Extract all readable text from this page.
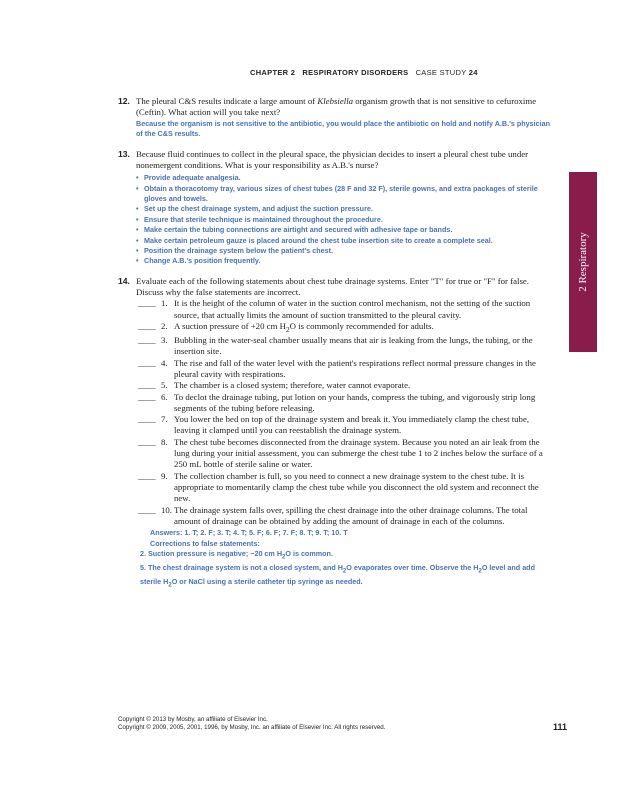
CHAPTER 2 RESPIRATORY DISORDERS CASE STUDY 24
2 Respiratory
12. The pleural C&S results indicate a large amount of Klebsiella organism growth that is not sensitive to cefuroxime (Ceftin). What action will you take next?
Because the organism is not sensitive to the antibiotic, you would place the antibiotic on hold and notify A.B.'s physician of the C&S results.
13. Because fluid continues to collect in the pleural space, the physician decides to insert a pleural chest tube under nonemergent conditions. What is your responsibility as A.B.'s nurse?
• Provide adequate analgesia.
• Obtain a thoracotomy tray, various sizes of chest tubes (28 F and 32 F), sterile gowns, and extra packages of sterile gloves and towels.
• Set up the chest drainage system, and adjust the suction pressure.
• Ensure that sterile technique is maintained throughout the procedure.
• Make certain the tubing connections are airtight and secured with adhesive tape or bands.
• Make certain petroleum gauze is placed around the chest tube insertion site to create a complete seal.
• Position the drainage system below the patient's chest.
• Change A.B.'s position frequently.
14. Evaluate each of the following statements about chest tube drainage systems. Enter "T" for true or "F" for false. Discuss why the false statements are incorrect.
____ 1. It is the height of the column of water in the suction control mechanism, not the setting of the suction source, that actually limits the amount of suction transmitted to the pleural cavity.
____ 2. A suction pressure of +20 cm $H_2O$ is commonly recommended for adults.
____ 3. Bubbling in the water-seal chamber usually means that air is leaking from the lungs, the tubing, or the insertion site.
____ 4. The rise and fall of the water level with the patient's respirations reflect normal pressure changes in the pleural cavity with respirations.
____ 5. The chamber is a closed system; therefore, water cannot evaporate.
____ 6. To declot the drainage tubing, put lotion on your hands, compress the tubing, and vigorously strip long segments of the tubing before releasing.
____ 7. You lower the bed on top of the drainage system and break it. You immediately clamp the chest tube, leaving it clamped until you can reestablish the drainage system.
____ 8. The chest tube becomes disconnected from the drainage system. Because you noted an air leak from the lung during your initial assessment, you can submerge the chest tube 1 to 2 inches below the surface of a 250 mL bottle of sterile saline or water.
____ 9. The collection chamber is full, so you need to connect a new drainage system to the chest tube. It is appropriate to momentarily clamp the chest tube while you disconnect the old system and reconnect the new.
____ 10. The drainage system falls over, spilling the chest drainage into the other drainage columns. The total amount of drainage can be obtained by adding the amount of drainage in each of the columns.
Answers: 1. T; 2. F; 3. T; 4. T; 5. F; 6. F; 7. F; 8. T; 9. T; 10. T
Corrections to false statements:
2. Suction pressure is negative; −20 cm $H_2O$ is common.
5. The chest drainage system is not a closed system, and $H_2O$ evaporates over time. Observe the $H_2O$ level and add sterile $H_2O$ or NaCl using a sterile catheter tip syringe as needed.
Copyright © 2013 by Mosby, an affiliate of Elsevier Inc.
Copyright © 2009, 2005, 2001, 1996, by Mosby, Inc. an affiliate of Elsevier Inc. All rights reserved.	111
